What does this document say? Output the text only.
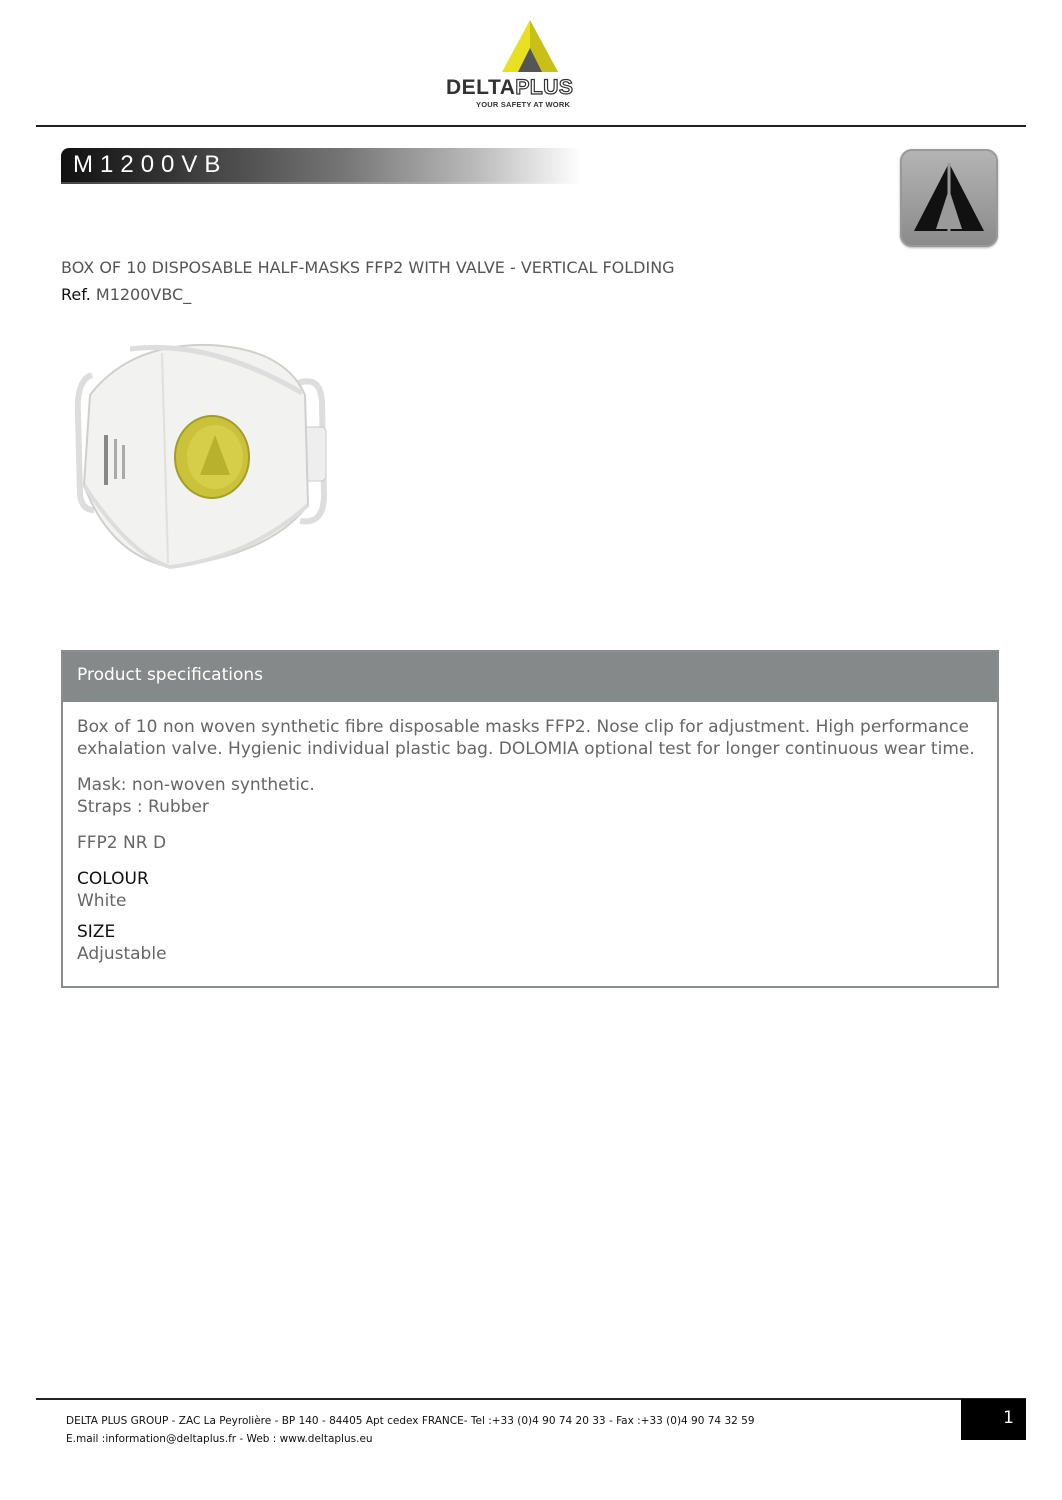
DELTAPLUS
YOUR SAFETY AT WORK
M1200VB
BOX OF 10 DISPOSABLE HALF-MASKS FFP2 WITH VALVE - VERTICAL FOLDING
Ref. M1200VBC_
Product specifications
Box of 10 non woven synthetic fibre disposable masks FFP2. Nose clip for adjustment. High performance
exhalation valve. Hygienic individual plastic bag. DOLOMIA optional test for longer continuous wear time.
Mask: non-woven synthetic.
Straps : Rubber
FFP2 NR D
COLOUR
White
SIZE
Adjustable
DELTA PLUS GROUP - ZAC La Peyrolière - BP 140 - 84405 Apt cedex FRANCE- Tel :+33 (0)4 90 74 20 33 - Fax :+33 (0)4 90 74 32 59
E.mail :information@deltaplus.fr - Web : www.deltaplus.eu
1
